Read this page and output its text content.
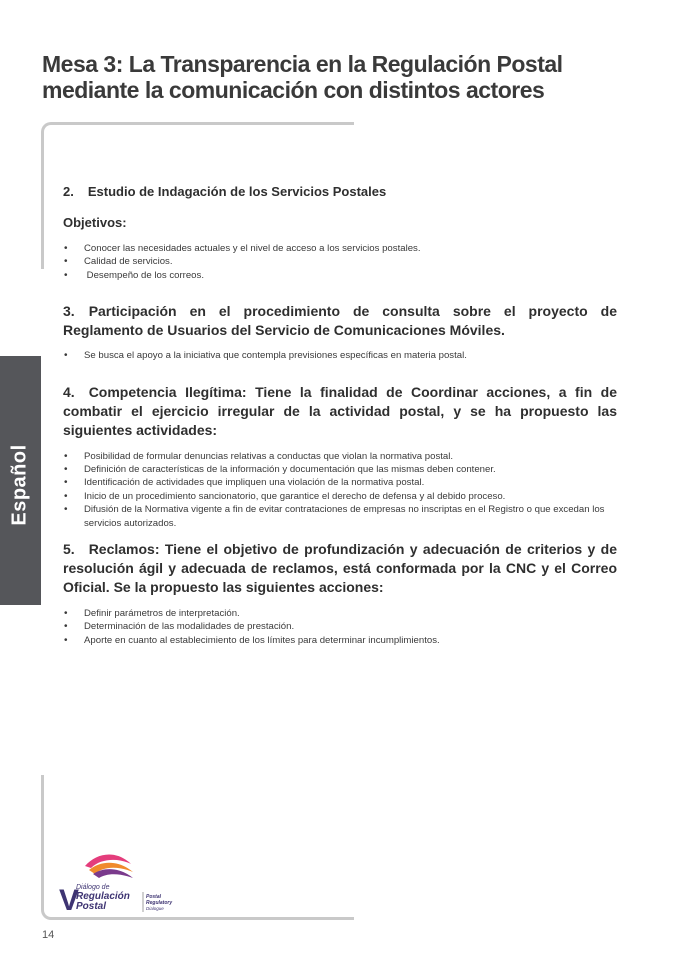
Mesa 3: La Transparencia en la Regulación Postal
mediante la comunicación con distintos actores
Español

2. Estudio de Indagación de los Servicios Postales

Objetivos:

• Conocer las necesidades actuales y el nivel de acceso a los servicios postales.
• Calidad de servicios.
•  Desempeño de los correos.

3. Participación en el procedimiento de consulta sobre el proyecto de Reglamento de Usuarios del Servicio de Comunicaciones Móviles.

• Se busca el apoyo a la iniciativa que contempla previsiones específicas en materia postal.

4. Competencia Ilegítima: Tiene la finalidad de Coordinar acciones, a fin de combatir el ejercicio irregular de la actividad postal, y se ha propuesto las siguientes actividades:

• Posibilidad de formular denuncias relativas a conductas que violan la normativa postal.
• Definición de características de la información y documentación que las mismas deben contener.
• Identificación de actividades que impliquen una violación de la normativa postal.
• Inicio de un procedimiento sancionatorio, que garantice el derecho de defensa y al debido proceso.
• Difusión de la Normativa vigente a fin de evitar contrataciones de empresas no inscriptas en el Registro o que excedan los servicios autorizados.

5. Reclamos: Tiene el objetivo de profundización y adecuación de criterios y de resolución ágil y adecuada de reclamos, está conformada por la CNC y el Correo Oficial. Se la propuesto las siguientes acciones:

• Definir parámetros de interpretación.
• Determinación de las modalidades de prestación.
• Aporte en cuanto al establecimiento de los límites para determinar incumplimientos.
V
Diálogo de
Regulación
Postal
Postal
Regulatory
Dialogue
14
